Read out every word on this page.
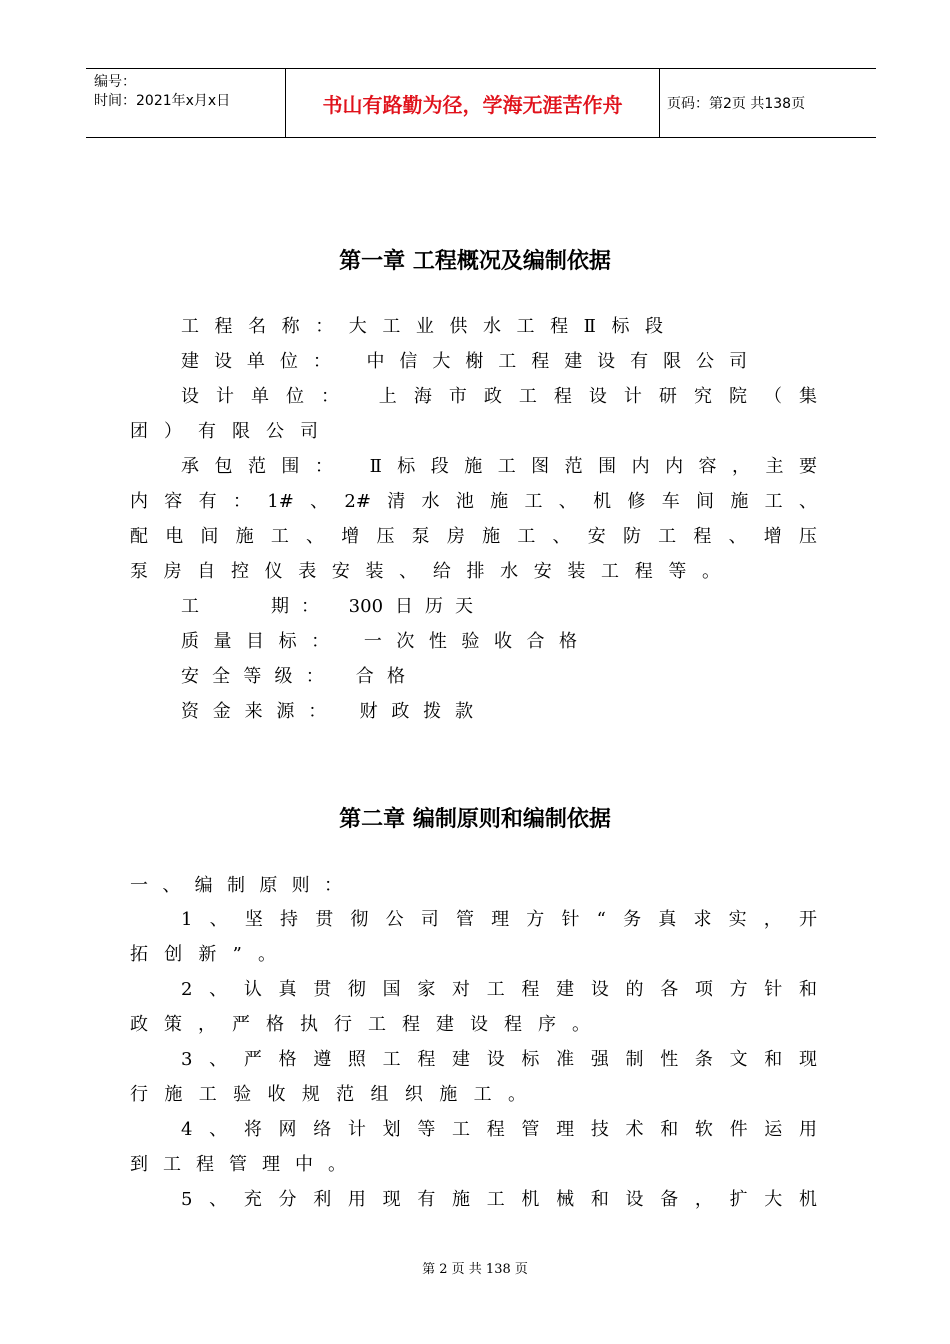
编号：
时间：2021年x月x日	书山有路勤为径，学海无涯苦作舟	页码：第2页 共138页
第一章 工程概况及编制依据
工程名称：大工业供水工程Ⅱ标段
建设单位： 中信大榭工程建设有限公司
设计单位： 上海市政工程设计研究院（集
团）有限公司
承包范围： Ⅱ标段施工图范围内内容，主要
内容有：1#、2#清水池施工、机修车间施工、
配电间施工、增压泵房施工、安防工程、增压
泵房自控仪表安装、给排水安装工程等。
工　　期： 300日历天
质量目标： 一次性验收合格
安全等级： 合格
资金来源： 财政拨款
第二章 编制原则和编制依据
一、编制原则：
1、坚持贯彻公司管理方针“务真求实，开
拓创新”。
2、认真贯彻国家对工程建设的各项方针和
政策，严格执行工程建设程序。
3、严格遵照工程建设标准强制性条文和现
行施工验收规范组织施工。
4、将网络计划等工程管理技术和软件运用
到工程管理中。
5、充分利用现有施工机械和设备，扩大机
第 2 页 共 138 页
